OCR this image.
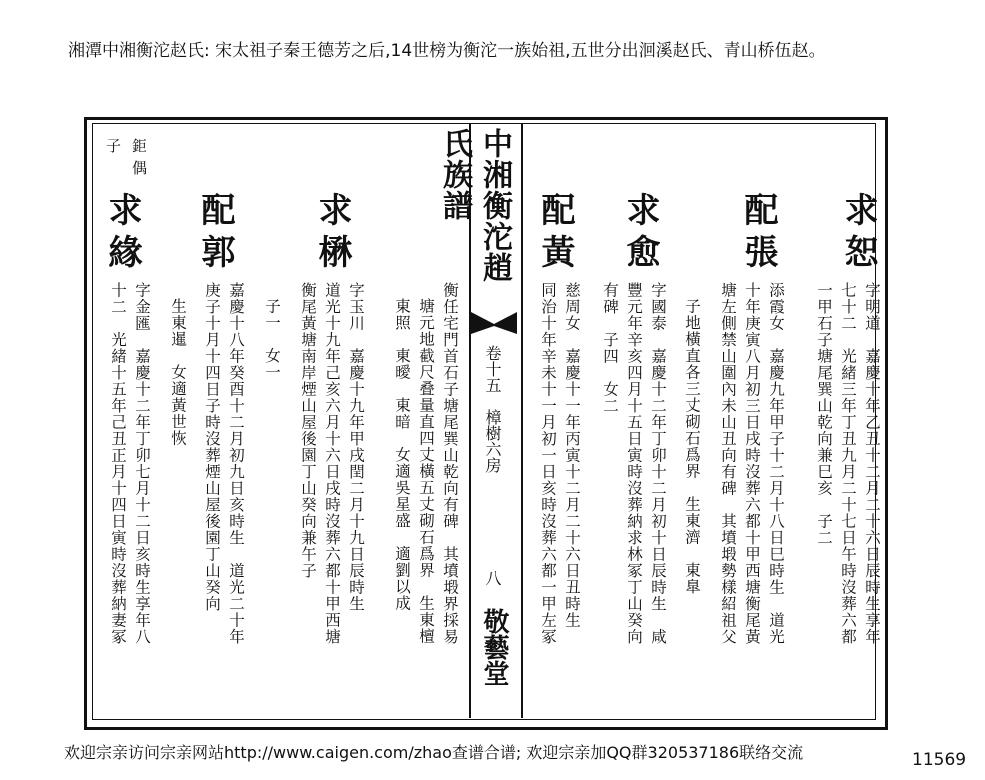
湘潭中湘衡沱赵氏: 宋太祖子秦王德芳之后,14世榜为衡沱一族始祖,五世分出洄溪赵氏、青山桥伍赵。
中湘衡沱趙氏族譜
卷十五　樟樹六房
八
敬藝堂
求恕
配張
求愈
配黃
字明道　嘉慶十年乙丑十二月二十六日辰時生享年
七十二　光緒三年丁丑九月二十七日午時沒葬六都
一甲石子塘尾巽山乾向兼巳亥　子二
添霞女　嘉慶九年甲子十二月十八日巳時生　道光
十年庚寅八月初三日戌時沒葬六都十甲西塘衡尾黃
塘左側禁山圍內未山丑向有碑　其墳塅勢樣紹祖父
子地橫直各三丈砌石爲界　生東濟　東臯
字國泰　嘉慶十二年丁卯十二月初十日辰時生　咸
豐元年辛亥四月十五日寅時沒葬納求林冢丁山癸向
有碑　子四　女二
慈周女　嘉慶十一年丙寅十二月二十六日丑時生
同治十年辛未十一月初一日亥時沒葬六都一甲左冢
鉅
偶
子
求楙
配郭
求緣
衡任宅門首石子塘尾巽山乾向有碑　其墳塅界採易
塘元地截尺叠量直四丈橫五丈砌石爲界　生東檀
東照　東曖　東暗　女適吳星盛　適劉以成
字玉川　嘉慶十九年甲戌閏二月十九日辰時生
道光十九年己亥六月十六日戌時沒葬六都十甲西塘
衡尾黃塘南岸煙山屋後園丁山癸向兼午子
子一　女一
嘉慶十八年癸酉十二月初九日亥時生　道光二十年
庚子十月十四日子時沒葬煙山屋後園丁山癸向
生東暹　女適黃世恢
字金匯　嘉慶十二年丁卯七月十二日亥時生享年八
十二　光緒十五年己丑正月十四日寅時沒葬納妻冢
欢迎宗亲访问宗亲网站http://www.caigen.com/zhao查谱合谱; 欢迎宗亲加QQ群320537186联络交流	11569
